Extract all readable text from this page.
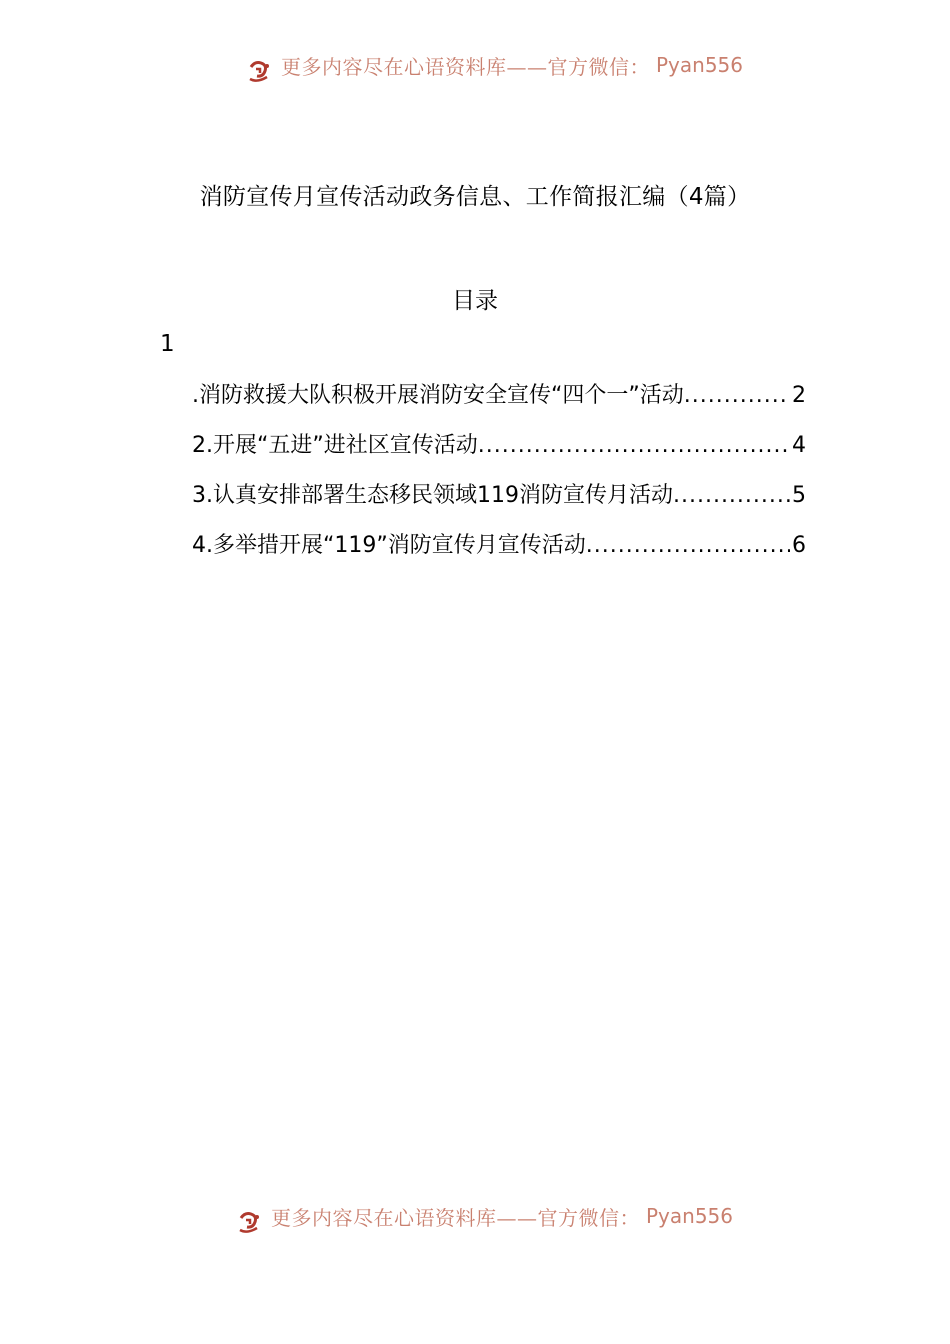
更多内容尽在心语资料库——官方微信： Pyan556
消防宣传月宣传活动政务信息、工作简报汇编（4篇）
目录
1
.消防救援大队积极开展消防安全宣传“四个一”活动 .....	2
2.开展“五进”进社区宣传活动 .....	4
3.认真安排部署生态移民领域119消防宣传月活动 .....	5
4.多举措开展“119”消防宣传月宣传活动 .....	6
更多内容尽在心语资料库——官方微信： Pyan556
